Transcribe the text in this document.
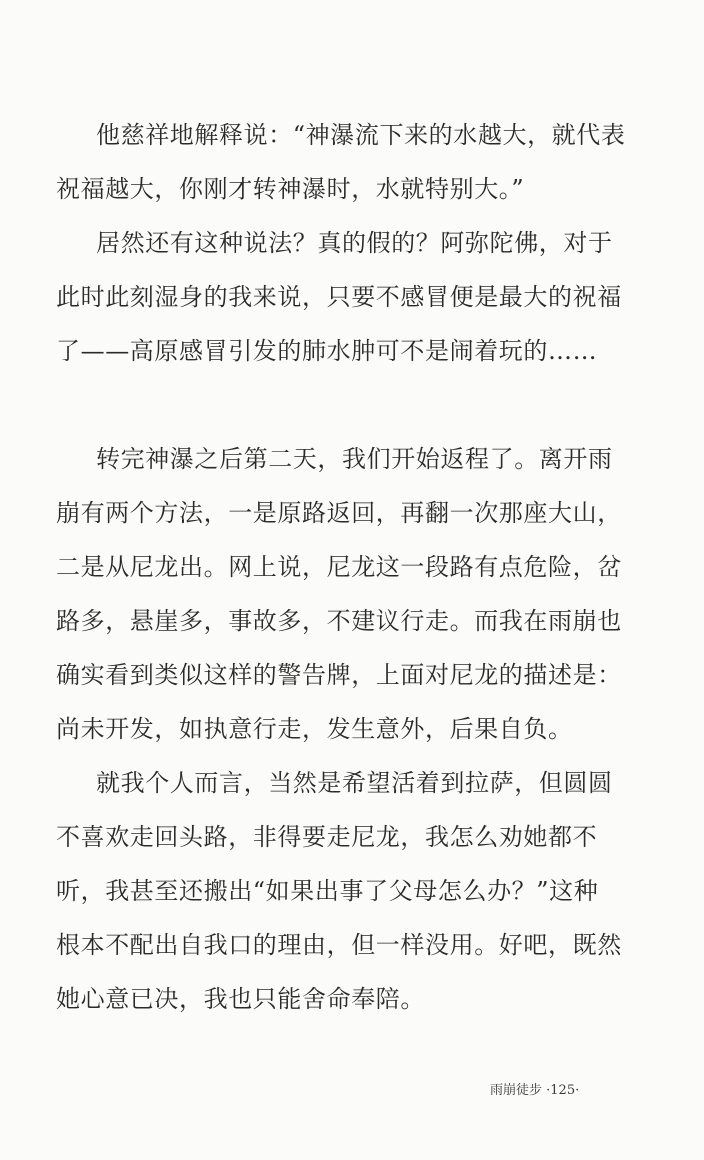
他慈祥地解释说：“神瀑流下来的水越大，就代表
祝福越大，你刚才转神瀑时，水就特别大。”

居然还有这种说法？真的假的？阿弥陀佛，对于
此时此刻湿身的我来说，只要不感冒便是最大的祝福
了——高原感冒引发的肺水肿可不是闹着玩的……

转完神瀑之后第二天，我们开始返程了。离开雨
崩有两个方法，一是原路返回，再翻一次那座大山，
二是从尼龙出。网上说，尼龙这一段路有点危险，岔
路多，悬崖多，事故多，不建议行走。而我在雨崩也
确实看到类似这样的警告牌，上面对尼龙的描述是：
尚未开发，如执意行走，发生意外，后果自负。

就我个人而言，当然是希望活着到拉萨，但圆圆
不喜欢走回头路，非得要走尼龙，我怎么劝她都不
听，我甚至还搬出“如果出事了父母怎么办？”这种
根本不配出自我口的理由，但一样没用。好吧，既然
她心意已决，我也只能舍命奉陪。

雨崩徒步 ·125·
